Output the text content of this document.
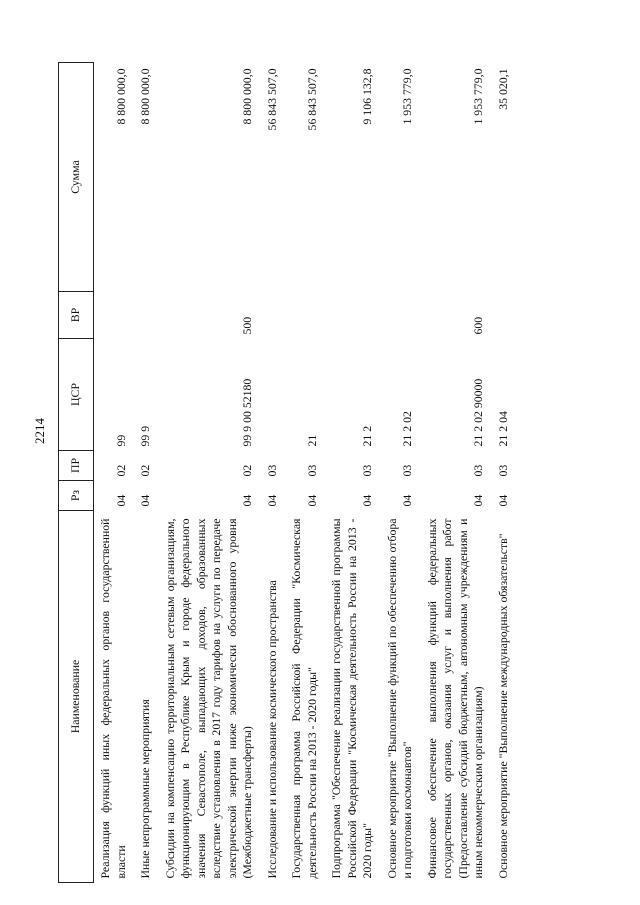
2214
Наименование	Рз	ПР	ЦСР	ВР	Сумма
Реализация функций иных федеральных органов государственной власти	04	02	99		8 800 000,0
Иные непрограммные мероприятия	04	02	99 9		8 800 000,0
Субсидии на компенсацию территориальным сетевым организациям, функционирующим в Республике Крым и городе федерального значения Севастополе, выпадающих доходов, образованных вследствие установления в 2017 году тарифов на услуги по передаче электрической энергии ниже экономически обоснованного уровня (Межбюджетные трансферты)	04	02	99 9 00 52180	500	8 800 000,0
Исследование и использование космического пространства	04	03			56 843 507,0
Государственная программа Российской Федерации "Космическая деятельность России на 2013 - 2020 годы"	04	03	21		56 843 507,0
Подпрограмма "Обеспечение реализации государственной программы Российской Федерации "Космическая деятельность России на 2013 - 2020 годы"	04	03	21 2		9 106 132,8
Основное мероприятие "Выполнение функций по обеспечению отбора и подготовки космонавтов"	04	03	21 2 02		1 953 779,0
Финансовое обеспечение выполнения функций федеральных государственных органов, оказания услуг и выполнения работ (Предоставление субсидий бюджетным, автономным учреждениям и иным некоммерческим организациям)	04	03	21 2 02 90000	600	1 953 779,0
Основное мероприятие "Выполнение международных обязательств"	04	03	21 2 04		35 020,1
